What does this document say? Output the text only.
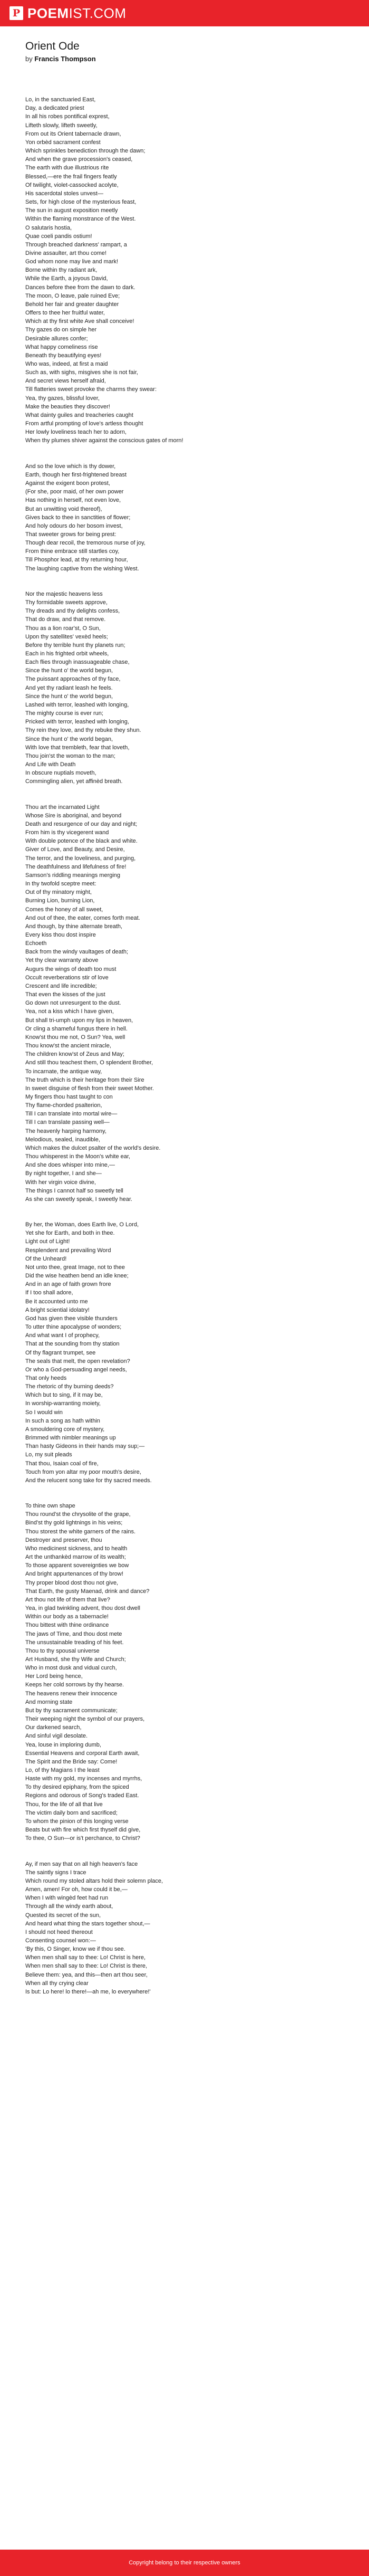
P POEMIST.COM
Orient Ode
by Francis Thompson

Lo, in the sanctuaried East,
Day, a dedicated priest
In all his robes pontifical exprest,
Lifteth slowly, lifteth sweetly,
From out its Orient tabernacle drawn,
Yon orbèd sacrament confest
Which sprinkles benediction through the dawn;
And when the grave procession's ceased,
The earth with due illustrious rite
Blessed,—ere the frail fingers featly
Of twilight, violet-cassocked acolyte,
His sacerdotal stoles unvest—
Sets, for high close of the mysterious feast,
The sun in august exposition meetly
Within the flaming monstrance of the West.
O salutaris hostia,
Quae coeli pandis ostium!
Through breached darkness' rampart, a
Divine assaulter, art thou come!
God whom none may live and mark!
Borne within thy radiant ark,
While the Earth, a joyous David,
Dances before thee from the dawn to dark.
The moon, O leave, pale ruined Eve;
Behold her fair and greater daughter
Offers to thee her fruitful water,
Which at thy first white Ave shall conceive!
Thy gazes do on simple her
Desirable allures confer;
What happy comeliness rise
Beneath thy beautifying eyes!
Who was, indeed, at first a maid
Such as, with sighs, misgives she is not fair,
And secret views herself afraid,
Till flatteries sweet provoke the charms they swear:
Yea, thy gazes, blissful lover,
Make the beauties they discover!
What dainty guiles and treacheries caught
From artful prompting of love's artless thought
Her lowly loveliness teach her to adorn,
When thy plumes shiver against the conscious gates of morn!

And so the love which is thy dower,
Earth, though her first-frightened breast
Against the exigent boon protest,
(For she, poor maid, of her own power
Has nothing in herself, not even love,
But an unwitting void thereof),
Gives back to thee in sanctities of flower;
And holy odours do her bosom invest,
That sweeter grows for being prest:
Though dear recoil, the tremorous nurse of joy,
From thine embrace still startles coy,
Till Phosphor lead, at thy returning hour,
The laughing captive from the wishing West.

Nor the majestic heavens less
Thy formidable sweets approve,
Thy dreads and thy delights confess,
That do draw, and that remove.
Thou as a lion roar'st, O Sun,
Upon thy satellites' vexèd heels;
Before thy terrible hunt thy planets run;
Each in his frighted orbit wheels,
Each flies through inassuageable chase,
Since the hunt o' the world begun,
The puissant approaches of thy face,
And yet thy radiant leash he feels.
Since the hunt o' the world begun,
Lashed with terror, leashed with longing,
The mighty course is ever run;
Pricked with terror, leashed with longing,
Thy rein they love, and thy rebuke they shun.
Since the hunt o' the world began,
With love that trembleth, fear that loveth,
Thou join'st the woman to the man;
And Life with Death
In obscure nuptials moveth,
Commingling alien, yet affinèd breath.

Thou art the incarnated Light
Whose Sire is aboriginal, and beyond
Death and resurgence of our day and night;
From him is thy vicegerent wand
With double potence of the black and white.
Giver of Love, and Beauty, and Desire,
The terror, and the loveliness, and purging,
The deathfulness and lifefulness of fire!
Samson's riddling meanings merging
In thy twofold sceptre meet:
Out of thy minatory might,
Burning Lion, burning Lion,
Comes the honey of all sweet,
And out of thee, the eater, comes forth meat.
And though, by thine alternate breath,
Every kiss thou dost inspire
Echoeth
Back from the windy vaultages of death;
Yet thy clear warranty above
Augurs the wings of death too must
Occult reverberations stir of love
Crescent and life incredible;
That even the kisses of the just
Go down not unresurgent to the dust.
Yea, not a kiss which I have given,
But shall tri-umph upon my lips in heaven,
Or cling a shameful fungus there in hell.
Know'st thou me not, O Sun? Yea, well
Thou know'st the ancient miracle,
The children know'st of Zeus and May;
And still thou teachest them, O splendent Brother,
To incarnate, the antique way,
The truth which is their heritage from their Sire
In sweet disguise of flesh from their sweet Mother.
My fingers thou hast taught to con
Thy flame-chorded psalterion,
Till I can translate into mortal wire—
Till I can translate passing well—
The heavenly harping harmony,
Melodious, sealed, inaudible,
Which makes the dulcet psalter of the world's desire.
Thou whisperest in the Moon's white ear,
And she does whisper into mine,—
By night together, I and she—
With her virgin voice divine,
The things I cannot half so sweetly tell
As she can sweetly speak, I sweetly hear.

By her, the Woman, does Earth live, O Lord,
Yet she for Earth, and both in thee.
Light out of Light!
Resplendent and prevailing Word
Of the Unheard!
Not unto thee, great Image, not to thee
Did the wise heathen bend an idle knee;
And in an age of faith grown frore
If I too shall adore,
Be it accounted unto me
A bright sciential idolatry!
God has given thee visible thunders
To utter thine apocalypse of wonders;
And what want I of prophecy,
That at the sounding from thy station
Of thy flagrant trumpet, see
The seals that melt, the open revelation?
Or who a God-persuading angel needs,
That only heeds
The rhetoric of thy burning deeds?
Which but to sing, if it may be,
In worship-warranting moiety,
So I would win
In such a song as hath within
A smouldering core of mystery,
Brimmed with nimbler meanings up
Than hasty Gideons in their hands may sup;—
Lo, my suit pleads
That thou, Isaian coal of fire,
Touch from yon altar my poor mouth's desire,
And the relucent song take for thy sacred meeds.

To thine own shape
Thou round'st the chrysolite of the grape,
Bind'st thy gold lightnings in his veins;
Thou storest the white garners of the rains.
Destroyer and preserver, thou
Who medicinest sickness, and to health
Art the unthankèd marrow of its wealth;
To those apparent sovereignties we bow
And bright appurtenances of thy brow!
Thy proper blood dost thou not give,
That Earth, the gusty Maenad, drink and dance?
Art thou not life of them that live?
Yea, in glad twinkling advent, thou dost dwell
Within our body as a tabernacle!
Thou bittest with thine ordinance
The jaws of Time, and thou dost mete
The unsustainable treading of his feet.
Thou to thy spousal universe
Art Husband, she thy Wife and Church;
Who in most dusk and vidual curch,
Her Lord being hence,
Keeps her cold sorrows by thy hearse.
The heavens renew their innocence
And morning state
But by thy sacrament communicate;
Their weeping night the symbol of our prayers,
Our darkened search,
And sinful vigil desolate.
Yea, louse in imploring dumb,
Essential Heavens and corporal Earth await,
The Spirit and the Bride say: Come!
Lo, of thy Magians I the least
Haste with my gold, my incenses and myrrhs,
To thy desired epiphany, from the spiced
Regions and odorous of Song's traded East.
Thou, for the life of all that live
The victim daily born and sacrificed;
To whom the pinion of this longing verse
Beats but with fire which first thyself did give,
To thee, O Sun—or is't perchance, to Christ?

Ay, if men say that on all high heaven's face
The saintly signs I trace
Which round my stoled altars hold their solemn place,
Amen, amen! For oh, how could it be,—
When I with wingèd feet had run
Through all the windy earth about,
Quested its secret of the sun,
And heard what thing the stars together shout,—
I should not heed thereout
Consenting counsel won:—
'By this, O Singer, know we if thou see.
When men shall say to thee: Lo! Christ is here,
When men shall say to thee: Lo! Christ is there,
Believe them: yea, and this—then art thou seer,
When all thy crying clear
Is but: Lo here! lo there!—ah me, lo everywhere!'

Copyright belong to their respective owners
